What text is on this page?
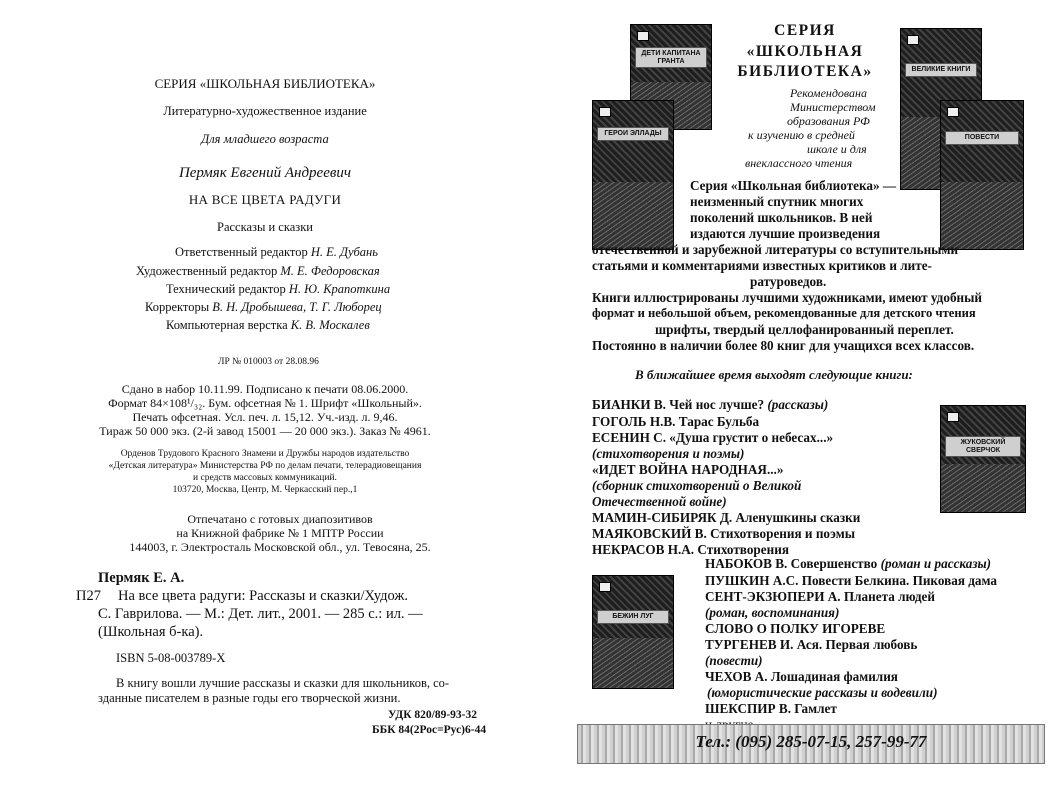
СЕРИЯ «ШКОЛЬНАЯ БИБЛИОТЕКА»
Литературно-художественное издание
Для младшего возраста
Пермяк Евгений Андреевич
НА ВСЕ ЦВЕТА РАДУГИ
Рассказы и сказки
Ответственный редактор Н. Е. Дубань
Художественный редактор М. Е. Федоровская
Технический редактор Н. Ю. Крапоткина
Корректоры В. Н. Дробышева, Т. Г. Люборец
Компьютерная верстка К. В. Москалев
ЛР № 010003 от 28.08.96
Сдано в набор 10.11.99. Подписано к печати 08.06.2000.
Формат 84×108¹/₃₂. Бум. офсетная № 1. Шрифт «Школьный».
Печать офсетная. Усл. печ. л. 15,12. Уч.-изд. л. 9,46.
Тираж 50 000 экз. (2-й завод 15001 — 20 000 экз.). Заказ № 4961.
Орденов Трудового Красного Знамени и Дружбы народов издательство
«Детская литература» Министерства РФ по делам печати, телерадиовещания
и средств массовых коммуникаций.
103720, Москва, Центр, М. Черкасский пер.,1
Отпечатано с готовых диапозитивов
на Книжной фабрике № 1 МПТР России
144003, г. Электросталь Московской обл., ул. Тевосяна, 25.
Пермяк Е. А.
П27 На все цвета радуги: Рассказы и сказки/Худож.
С. Гаврилова. — М.: Дет. лит., 2001. — 285 с.: ил. —
(Школьная б-ка).
ISBN 5-08-003789-X
В книгу вошли лучшие рассказы и сказки для школьников, со-
зданные писателем в разные годы его творческой жизни.
УДК 820/89-93-32
ББК 84(2Рос=Рус)6-44
ДЕТИ КАПИТАНА ГРАНТА
ГЕРОИ ЭЛЛАДЫ
ВЕЛИКИЕ КНИГИ
ПОВЕСТИ
ЖУКОВСКИЙ СВЕРЧОК
БЕЖИН ЛУГ
СЕРИЯ
«ШКОЛЬНАЯ
БИБЛИОТЕКА»
Рекомендована
Министерством
образования РФ
к изучению в средней
школе и для
внеклассного чтения
Серия «Школьная библиотека» —
неизменный спутник многих
поколений школьников. В ней
издаются лучшие произведения
отечественной и зарубежной литературы со вступительными
статьями и комментариями известных критиков и лите-
ратуроведов.
Книги иллюстрированы лучшими художниками, имеют удобный
формат и небольшой объем, рекомендованные для детского чтения
шрифты, твердый целлофанированный переплет.
Постоянно в наличии более 80 книг для учащихся всех классов.
В ближайшее время выходят следующие книги:
БИАНКИ В. Чей нос лучше? (рассказы)
ГОГОЛЬ Н.В. Тарас Бульба
ЕСЕНИН С. «Душа грустит о небесах...»
(стихотворения и поэмы)
«ИДЕТ ВОЙНА НАРОДНАЯ...»
(сборник стихотворений о Великой
Отечественной войне)
МАМИН-СИБИРЯК Д. Аленушкины сказки
МАЯКОВСКИЙ В. Стихотворения и поэмы
НЕКРАСОВ Н.А. Стихотворения
НАБОКОВ В. Совершенство (роман и рассказы)
ПУШКИН А.С. Повести Белкина. Пиковая дама
СЕНТ-ЭКЗЮПЕРИ А. Планета людей
(роман, воспоминания)
СЛОВО О ПОЛКУ ИГОРЕВЕ
ТУРГЕНЕВ И. Ася. Первая любовь
(повести)
ЧЕХОВ А. Лошадиная фамилия
(юмористические рассказы и водевили)
ШЕКСПИР В. Гамлет
Тел.: (095) 285-07-15, 257-99-77
